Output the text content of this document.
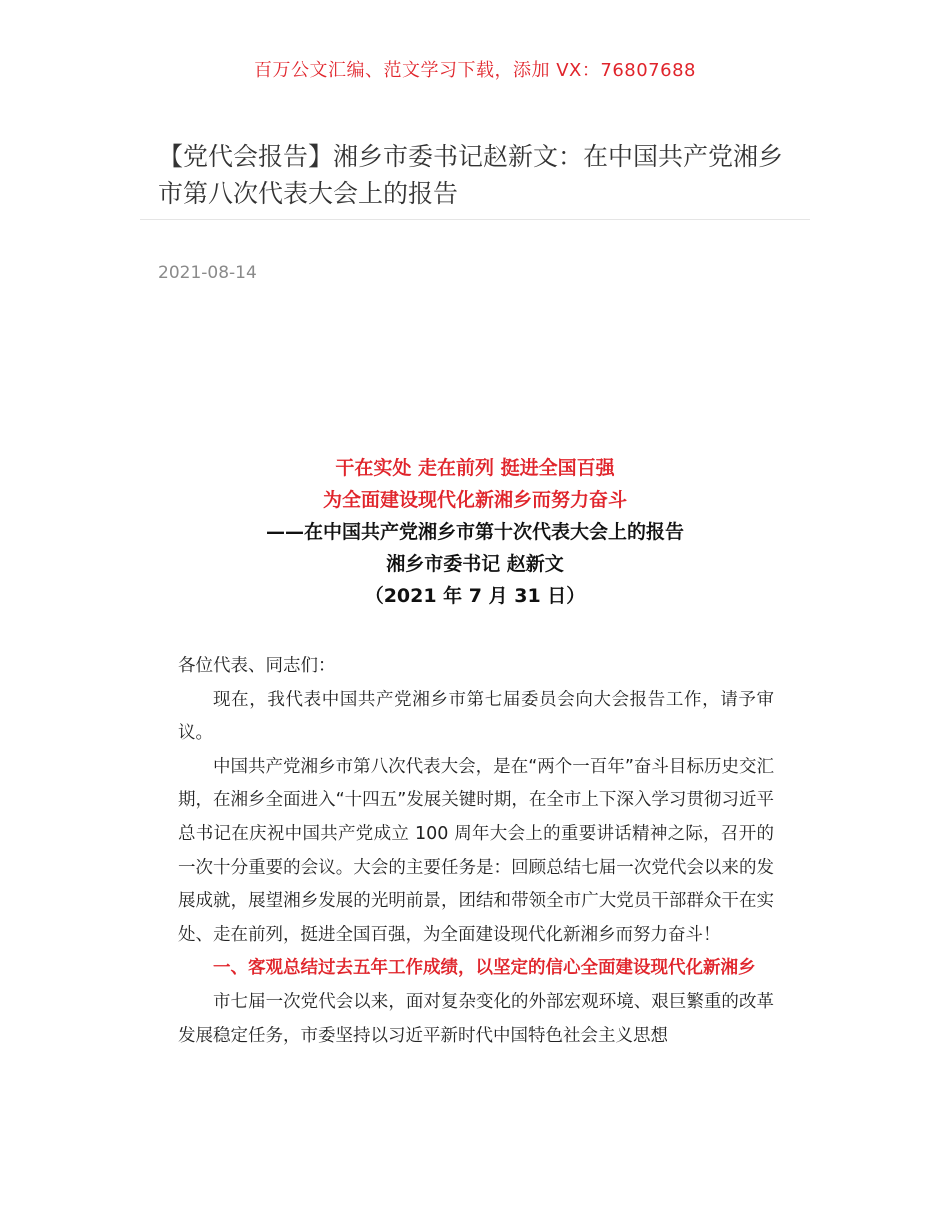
百万公文汇编、范文学习下载，添加 VX：76807688
【党代会报告】湘乡市委书记赵新文：在中国共产党湘乡市第八次代表大会上的报告
2021-08-14
干在实处 走在前列 挺进全国百强
为全面建设现代化新湘乡而努力奋斗
——在中国共产党湘乡市第十次代表大会上的报告
湘乡市委书记 赵新文
（2021 年 7 月 31 日）

各位代表、同志们：

现在，我代表中国共产党湘乡市第七届委员会向大会报告工作，请予审议。

中国共产党湘乡市第八次代表大会，是在“两个一百年”奋斗目标历史交汇期，在湘乡全面进入“十四五”发展关键时期，在全市上下深入学习贯彻习近平总书记在庆祝中国共产党成立 100 周年大会上的重要讲话精神之际，召开的一次十分重要的会议。大会的主要任务是：回顾总结七届一次党代会以来的发展成就，展望湘乡发展的光明前景，团结和带领全市广大党员干部群众干在实处、走在前列，挺进全国百强，为全面建设现代化新湘乡而努力奋斗！

一、客观总结过去五年工作成绩，以坚定的信心全面建设现代化新湘乡

市七届一次党代会以来，面对复杂变化的外部宏观环境、艰巨繁重的改革发展稳定任务，市委坚持以习近平新时代中国特色社会主义思想
